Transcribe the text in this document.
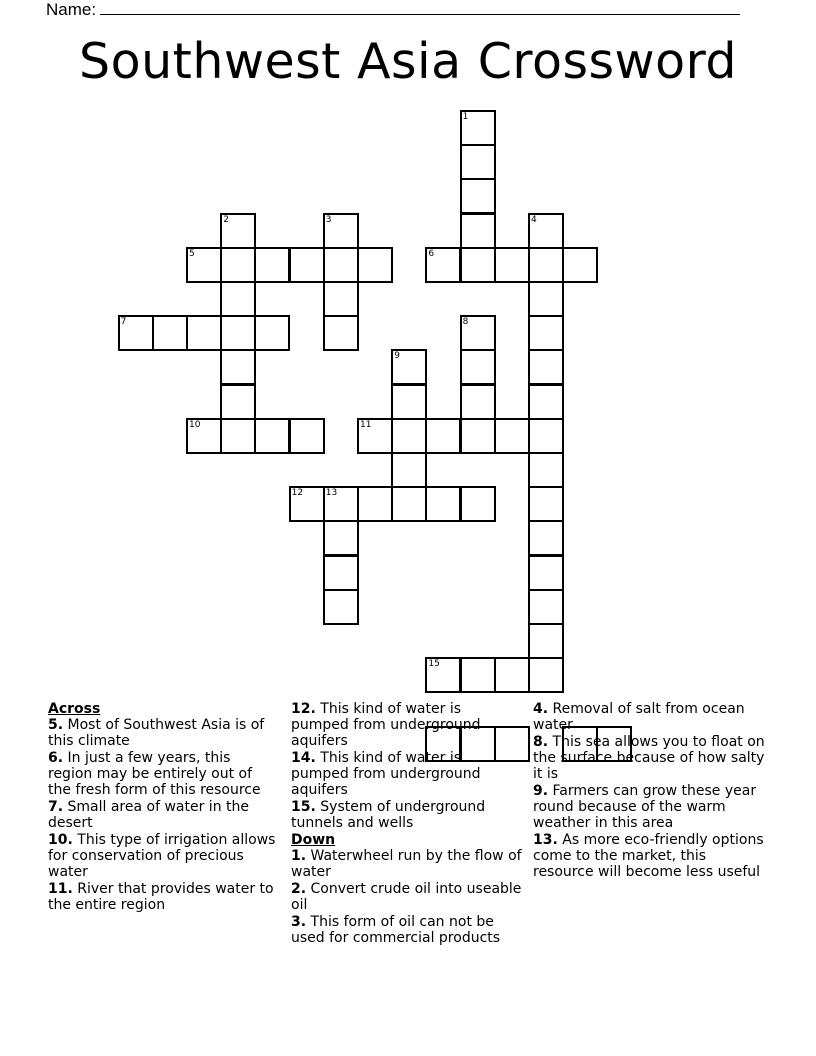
Name:
Southwest Asia Crossword
1
2	3	4
5	6
7	8
9
10	11
12	13
15

Across

5. Most of Southwest Asia is of this climate

6. In just a few years, this region may be entirely out of the fresh form of this resource

7. Small area of water in the desert

10. This type of irrigation allows for conservation of precious water

11. River that provides water to the entire region

12. This kind of water is pumped from underground aquifers

14. This kind of water is pumped from underground aquifers

15. System of underground tunnels and wells

Down

1. Waterwheel run by the flow of water

2. Convert crude oil into useable oil

3. This form of oil can not be used for commercial products

4. Removal of salt from ocean water

8. This sea allows you to float on the surface because of how salty it is

9. Farmers can grow these year round because of the warm weather in this area

13. As more eco-friendly options come to the market, this resource will become less useful
